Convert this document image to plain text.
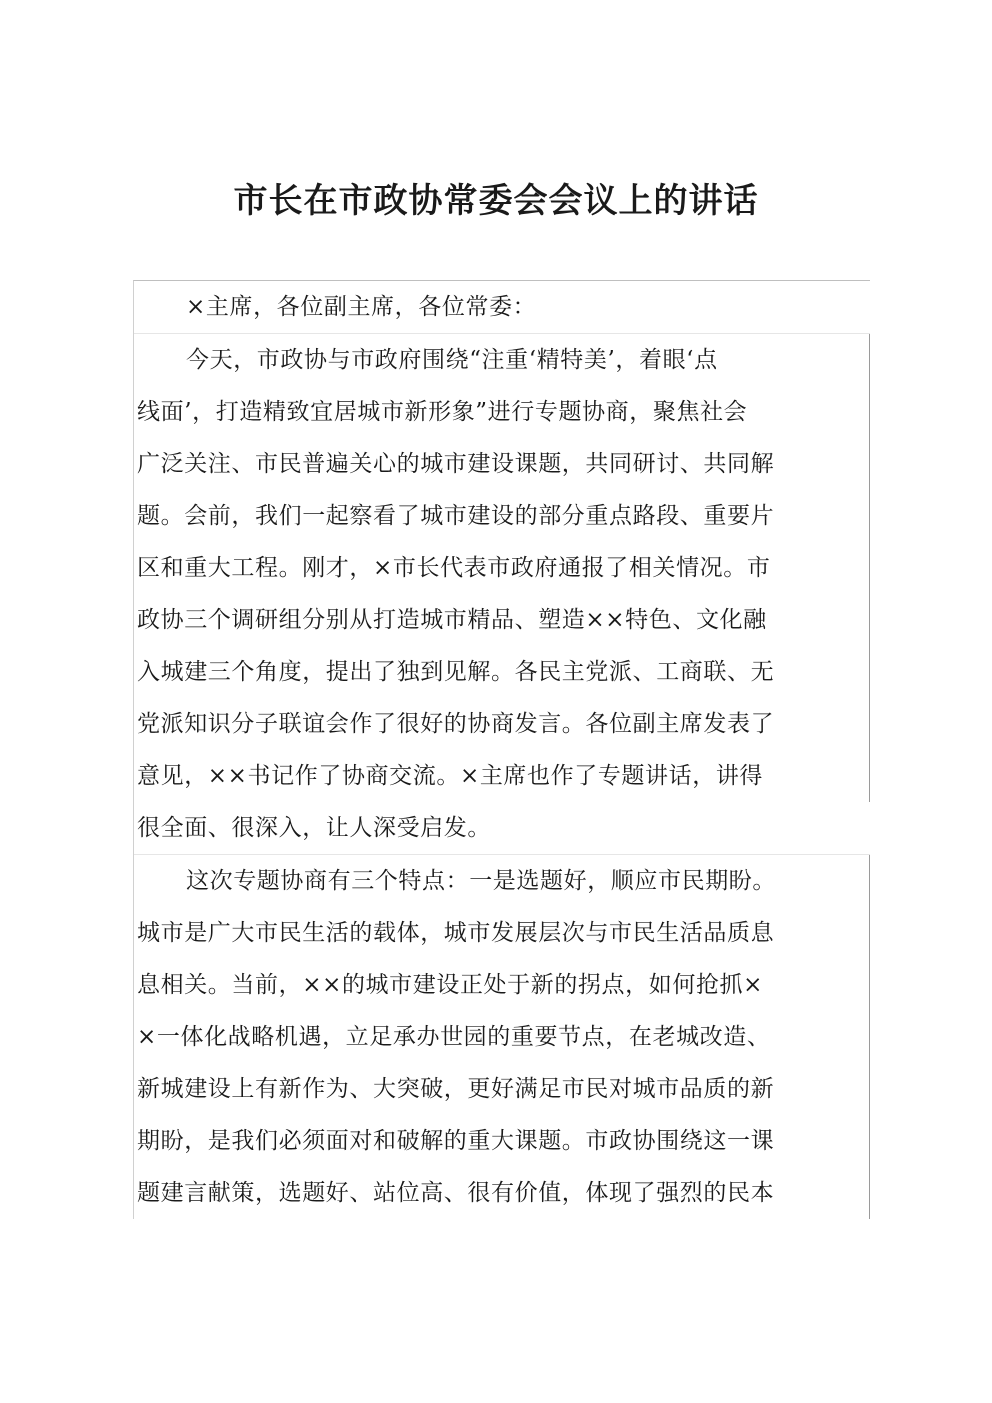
市长在市政协常委会会议上的讲话
×主席，各位副主席，各位常委：
今天，市政协与市政府围绕“注重‘精特美’，着眼‘点
线面’，打造精致宜居城市新形象”进行专题协商，聚焦社会
广泛关注、市民普遍关心的城市建设课题，共同研讨、共同解
题。会前，我们一起察看了城市建设的部分重点路段、重要片
区和重大工程。刚才，×市长代表市政府通报了相关情况。市
政协三个调研组分别从打造城市精品、塑造××特色、文化融
入城建三个角度，提出了独到见解。各民主党派、工商联、无
党派知识分子联谊会作了很好的协商发言。各位副主席发表了
意见，××书记作了协商交流。×主席也作了专题讲话，讲得
很全面、很深入，让人深受启发。
这次专题协商有三个特点：一是选题好，顺应市民期盼。
城市是广大市民生活的载体，城市发展层次与市民生活品质息
息相关。当前，××的城市建设正处于新的拐点，如何抢抓×
×一体化战略机遇，立足承办世园的重要节点，在老城改造、
新城建设上有新作为、大突破，更好满足市民对城市品质的新
期盼，是我们必须面对和破解的重大课题。市政协围绕这一课
题建言献策，选题好、站位高、很有价值，体现了强烈的民本
